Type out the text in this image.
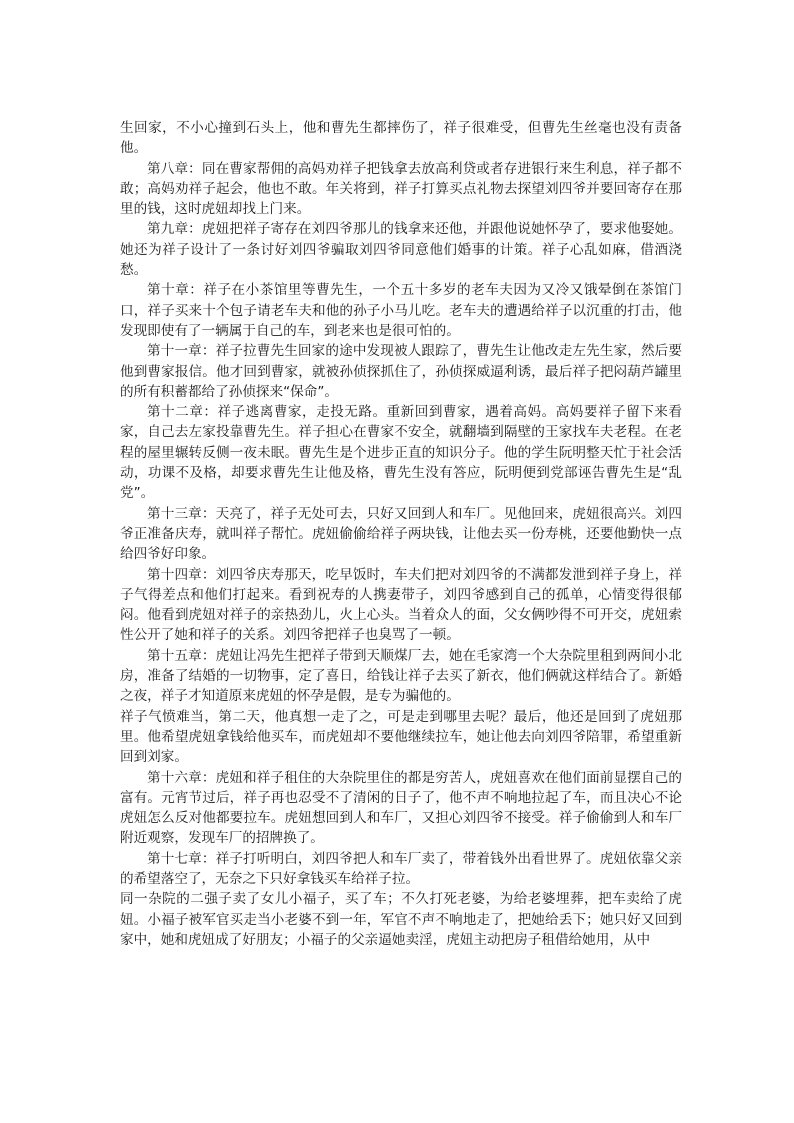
生回家，不小心撞到石头上，他和曹先生都摔伤了，祥子很难受，但曹先生丝毫也没有责备他。

第八章：同在曹家帮佣的高妈劝祥子把钱拿去放高利贷或者存进银行来生利息，祥子都不敢；高妈劝祥子起会，他也不敢。年关将到，祥子打算买点礼物去探望刘四爷并要回寄存在那里的钱，这时虎妞却找上门来。

第九章：虎妞把祥子寄存在刘四爷那儿的钱拿来还他，并跟他说她怀孕了，要求他娶她。她还为祥子设计了一条讨好刘四爷骗取刘四爷同意他们婚事的计策。祥子心乱如麻，借酒浇愁。

第十章：祥子在小茶馆里等曹先生，一个五十多岁的老车夫因为又冷又饿晕倒在茶馆门口，祥子买来十个包子请老车夫和他的孙子小马儿吃。老车夫的遭遇给祥子以沉重的打击，他发现即使有了一辆属于自己的车，到老来也是很可怕的。

第十一章：祥子拉曹先生回家的途中发现被人跟踪了，曹先生让他改走左先生家，然后要他到曹家报信。他才回到曹家，就被孙侦探抓住了，孙侦探威逼利诱，最后祥子把闷葫芦罐里的所有积蓄都给了孙侦探来“保命”。

第十二章：祥子逃离曹家，走投无路。重新回到曹家，遇着高妈。高妈要祥子留下来看家，自己去左家投靠曹先生。祥子担心在曹家不安全，就翻墙到隔壁的王家找车夫老程。在老程的屋里辗转反侧一夜未眠。曹先生是个进步正直的知识分子。他的学生阮明整天忙于社会活动，功课不及格，却要求曹先生让他及格，曹先生没有答应，阮明便到党部诬告曹先生是“乱党”。

第十三章：天亮了，祥子无处可去，只好又回到人和车厂。见他回来，虎妞很高兴。刘四爷正准备庆寿，就叫祥子帮忙。虎妞偷偷给祥子两块钱，让他去买一份寿桃，还要他勤快一点给四爷好印象。

第十四章：刘四爷庆寿那天，吃早饭时，车夫们把对刘四爷的不满都发泄到祥子身上，祥子气得差点和他们打起来。看到祝寿的人携妻带子，刘四爷感到自己的孤单，心情变得很郁闷。他看到虎妞对祥子的亲热劲儿，火上心头。当着众人的面，父女俩吵得不可开交，虎妞索性公开了她和祥子的关系。刘四爷把祥子也臭骂了一顿。

第十五章：虎妞让冯先生把祥子带到天顺煤厂去，她在毛家湾一个大杂院里租到两间小北房，准备了结婚的一切物事，定了喜日，给钱让祥子去买了新衣，他们俩就这样结合了。新婚之夜，祥子才知道原来虎妞的怀孕是假，是专为骗他的。

祥子气愤难当，第二天，他真想一走了之，可是走到哪里去呢？最后，他还是回到了虎妞那里。他希望虎妞拿钱给他买车，而虎妞却不要他继续拉车，她让他去向刘四爷陪罪，希望重新回到刘家。

第十六章：虎妞和祥子租住的大杂院里住的都是穷苦人，虎妞喜欢在他们面前显摆自己的富有。元宵节过后，祥子再也忍受不了清闲的日子了，他不声不响地拉起了车，而且决心不论虎妞怎么反对他都要拉车。虎妞想回到人和车厂，又担心刘四爷不接受。祥子偷偷到人和车厂附近观察，发现车厂的招牌换了。

第十七章：祥子打听明白，刘四爷把人和车厂卖了，带着钱外出看世界了。虎妞依靠父亲的希望落空了，无奈之下只好拿钱买车给祥子拉。

同一杂院的二强子卖了女儿小福子，买了车；不久打死老婆，为给老婆埋葬，把车卖给了虎妞。小福子被军官买走当小老婆不到一年，军官不声不响地走了，把她给丢下；她只好又回到家中，她和虎妞成了好朋友；小福子的父亲逼她卖淫，虎妞主动把房子租借给她用，从中
